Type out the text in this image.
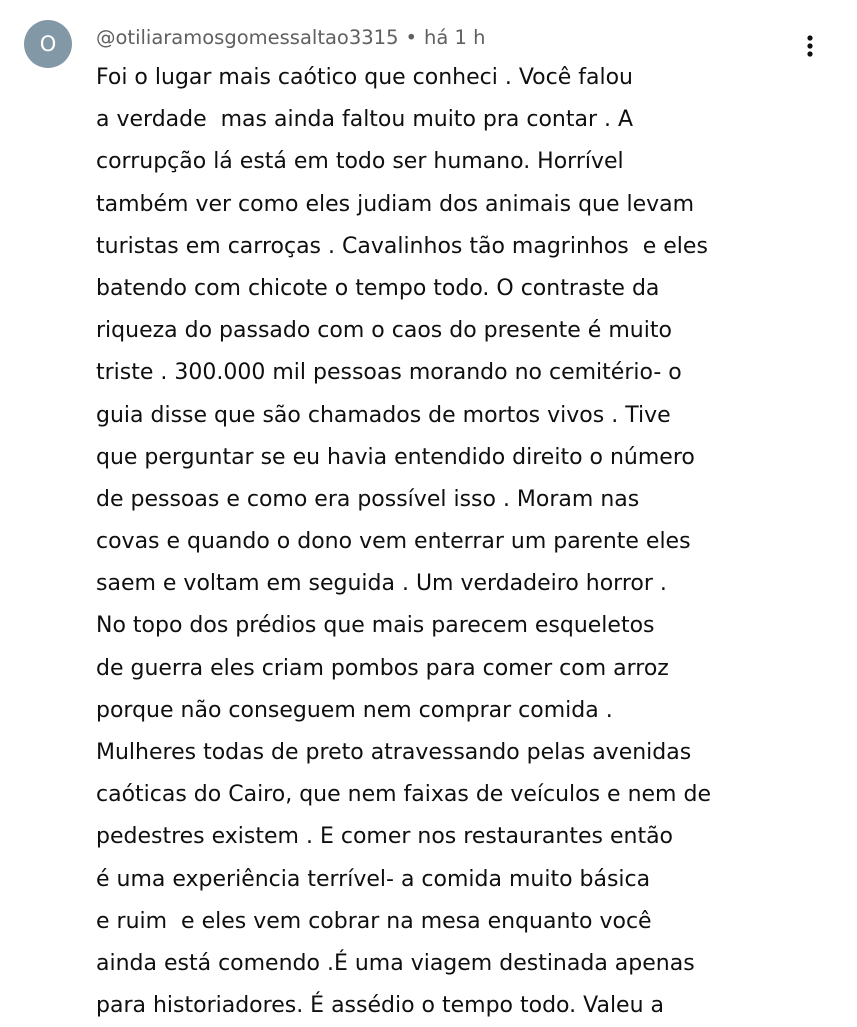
O @otiliaramosgomessaltao3315 • há 1 h
Foi o lugar mais caótico que conheci . Você falou
a verdade  mas ainda faltou muito pra contar . A
corrupção lá está em todo ser humano. Horrível
também ver como eles judiam dos animais que levam
turistas em carroças . Cavalinhos tão magrinhos  e eles
batendo com chicote o tempo todo. O contraste da
riqueza do passado com o caos do presente é muito
triste . 300.000 mil pessoas morando no cemitério- o
guia disse que são chamados de mortos vivos . Tive
que perguntar se eu havia entendido direito o número
de pessoas e como era possível isso . Moram nas
covas e quando o dono vem enterrar um parente eles
saem e voltam em seguida . Um verdadeiro horror .
No topo dos prédios que mais parecem esqueletos
de guerra eles criam pombos para comer com arroz
porque não conseguem nem comprar comida .
Mulheres todas de preto atravessando pelas avenidas
caóticas do Cairo, que nem faixas de veículos e nem de
pedestres existem . E comer nos restaurantes então
é uma experiência terrível- a comida muito básica
e ruim  e eles vem cobrar na mesa enquanto você
ainda está comendo .É uma viagem destinada apenas
para historiadores. É assédio o tempo todo. Valeu a
